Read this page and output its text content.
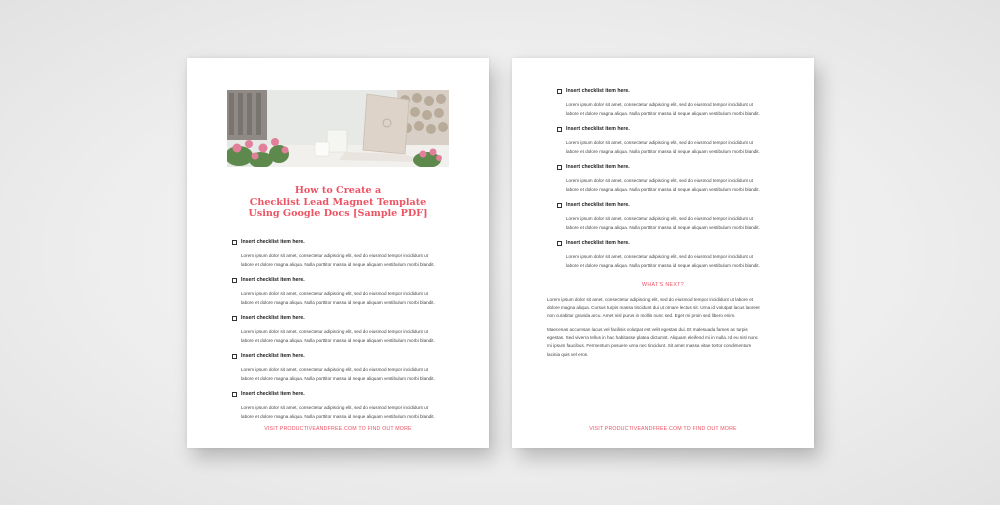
How to Create a
Checklist Lead Magnet Template
Using Google Docs [Sample PDF]
Insert checklist item here.
Lorem ipsum dolor sit amet, consectetur adipiscing elit, sed do eiusmod tempor incididunt ut
labore et dolore magna aliqua. Nulla porttitor massa id neque aliquam vestibulum morbi blandit.
Insert checklist item here.
Lorem ipsum dolor sit amet, consectetur adipiscing elit, sed do eiusmod tempor incididunt ut
labore et dolore magna aliqua. Nulla porttitor massa id neque aliquam vestibulum morbi blandit.
Insert checklist item here.
Lorem ipsum dolor sit amet, consectetur adipiscing elit, sed do eiusmod tempor incididunt ut
labore et dolore magna aliqua. Nulla porttitor massa id neque aliquam vestibulum morbi blandit.
Insert checklist item here.
Lorem ipsum dolor sit amet, consectetur adipiscing elit, sed do eiusmod tempor incididunt ut
labore et dolore magna aliqua. Nulla porttitor massa id neque aliquam vestibulum morbi blandit.
Insert checklist item here.
Lorem ipsum dolor sit amet, consectetur adipiscing elit, sed do eiusmod tempor incididunt ut
labore et dolore magna aliqua. Nulla porttitor massa id neque aliquam vestibulum morbi blandit.
VISIT PRODUCTIVEANDFREE.COM TO FIND OUT MORE
Insert checklist item here.
Lorem ipsum dolor sit amet, consectetur adipiscing elit, sed do eiusmod tempor incididunt ut
labore et dolore magna aliqua. Nulla porttitor massa id neque aliquam vestibulum morbi blandit.
Insert checklist item here.
Lorem ipsum dolor sit amet, consectetur adipiscing elit, sed do eiusmod tempor incididunt ut
labore et dolore magna aliqua. Nulla porttitor massa id neque aliquam vestibulum morbi blandit.
Insert checklist item here.
Lorem ipsum dolor sit amet, consectetur adipiscing elit, sed do eiusmod tempor incididunt ut
labore et dolore magna aliqua. Nulla porttitor massa id neque aliquam vestibulum morbi blandit.
Insert checklist item here.
Lorem ipsum dolor sit amet, consectetur adipiscing elit, sed do eiusmod tempor incididunt ut
labore et dolore magna aliqua. Nulla porttitor massa id neque aliquam vestibulum morbi blandit.
Insert checklist item here.
Lorem ipsum dolor sit amet, consectetur adipiscing elit, sed do eiusmod tempor incididunt ut
labore et dolore magna aliqua. Nulla porttitor massa id neque aliquam vestibulum morbi blandit.
WHAT'S NEXT?

Lorem ipsum dolor sit amet, consectetur adipiscing elit, sed do eiusmod tempor incididunt ut labore et
dolore magna aliqua. Cursus turpis massa tincidunt dui ut ornare lectus sit. Urna id volutpat lacus laoreet
non curabitur gravida arcu. Amet nisl purus in mollis nunc sed. Eget mi proin sed libero enim.

Maecenas accumsan lacus vel facilisis volutpat est velit egestas dui. Et malesuada fames ac turpis
egestas. Sed viverra tellus in hac habitasse platea dictumst. Aliquam eleifend mi in nulla. Id eu nisl nunc
mi ipsum faucibus. Fermentum posuere urna nec tincidunt. Sit amet massa vitae tortor condimentum
lacinia quis vel eros.

VISIT PRODUCTIVEANDFREE.COM TO FIND OUT MORE
